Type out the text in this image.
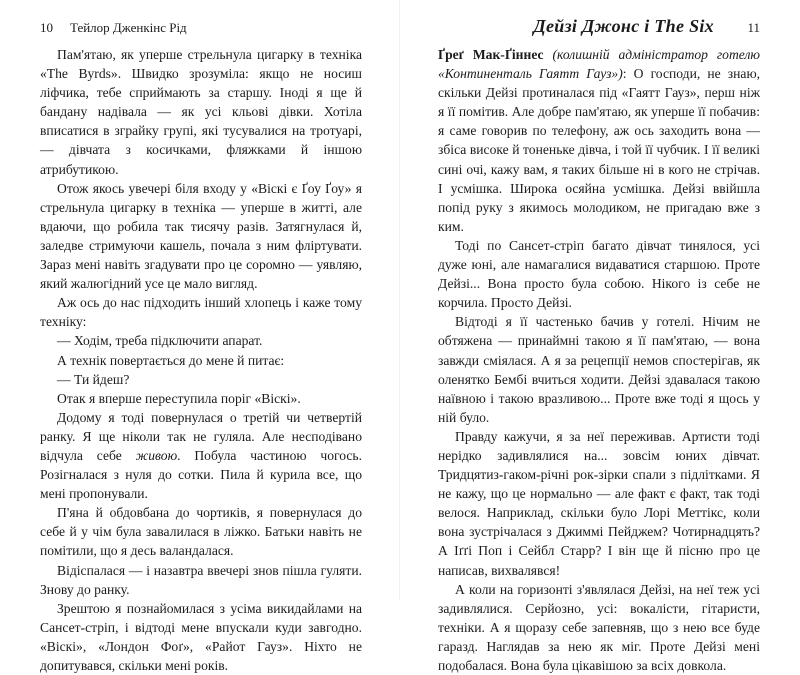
10 Тейлор Дженкінс Рід

Пам'ятаю, як уперше стрельнула цигарку в техніка «The Byrds». Швидко зрозуміла: якщо не носиш ліфчика, тебе сприймають за старшу. Іноді я ще й бандану надівала — як усі кльові дівки. Хотіла вписатися в зграйку групі, які тусувалися на тротуарі, — дівчата з косичками, фляжками й іншою атрибутикою.

Отож якось увечері біля входу у «Віскі є Ґоу Ґоу» я стрельнула цигарку в техніка — уперше в житті, але вдаючи, що робила так тисячу разів. Затягнулася й, заледве стримуючи кашель, почала з ним фліртувати. Зараз мені навіть згадувати про це соромно — уявляю, який жалюгідний усе це мало вигляд.

Аж ось до нас підходить інший хлопець і каже тому техніку:

— Ходім, треба підключити апарат.

А технік повертається до мене й питає:

— Ти йдеш?

Отак я вперше переступила поріг «Віскі».

Додому я тоді повернулася о третій чи четвертій ранку. Я ще ніколи так не гуляла. Але несподівано відчула себе живою. Побула частиною чогось. Розігналася з нуля до сотки. Пила й курила все, що мені пропонували.

П'яна й обдовбана до чортиків, я повернулася до себе й у чім була завалилася в ліжко. Батьки навіть не помітили, що я десь валандалася.

Відіспалася — і назавтра ввечері знов пішла гуляти. Знову до ранку.

Зрештою я познайомилася з усіма викидайлами на Сансет-стріп, і відтоді мене впускали куди завгодно. «Віскі», «Лондон Фоґ», «Райот Гауз». Ніхто не допитувався, скільки мені років.

Дейзі Джонс і The Six	11

Ґреґ Мак-Ґіннес (колишній адміністратор готелю «Континенталь Гаятт Гауз»): О господи, не знаю, скільки Дейзі протиналася під «Гаятт Гауз», перш ніж я її помітив. Але добре пам'ятаю, як уперше її побачив: я саме говорив по телефону, аж ось заходить вона — збіса високе й тоненьке дівча, і той її чубчик. І її великі сині очі, кажу вам, я таких більше ні в кого не стрічав. І усмішка. Широка осяйна усмішка. Дейзі ввійшла попід руку з якимось молодиком, не пригадаю вже з ким.

Тоді по Сансет-стріп багато дівчат тинялося, усі дуже юні, але намагалися видаватися старшою. Проте Дейзі... Вона просто була собою. Нікого із себе не корчила. Просто Дейзі.

Відтоді я її частенько бачив у готелі. Нічим не обтяжена — принаймні такою я її пам'ятаю, — вона завжди сміялася. А я за рецепції немов спостерігав, як оленятко Бембі вчиться ходити. Дейзі здавалася такою наївною і такою вразливою... Проте вже тоді я щось у ній було.

Правду кажучи, я за неї переживав. Артисти тоді нерідко задивлялися на... зовсім юних дівчат. Тридцятиз-гаком-річні рок-зірки спали з підлітками. Я не кажу, що це нормально — але факт є факт, так тоді велося. Наприклад, скільки було Лорі Меттікс, коли вона зустрічалася з Джиммі Пейджем? Чотирнадцять? А Іґґі Поп і Сейбл Старр? І він ще й пісню про це написав, вихвалявся!

А коли на горизонті з'являлася Дейзі, на неї теж усі задивлялися. Серйозно, усі: вокалісти, гітаристи, техніки. А я щоразу себе запевняв, що з нею все буде гаразд. Наглядав за нею як міг. Проте Дейзі мені подобалася. Вона була цікавішою за всіх довкола.
